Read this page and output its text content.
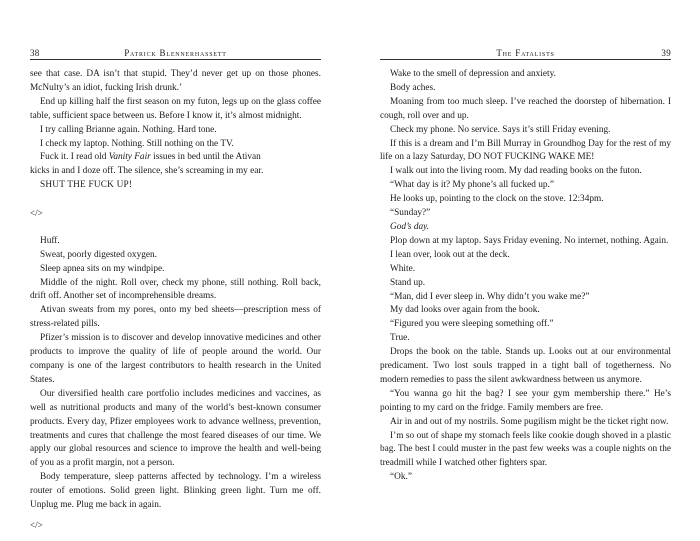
38	Patrick Blennerhassett

see that case. DA isn’t that stupid. They’d never get up on those phones. McNulty’s an idiot, fucking Irish drunk.’

End up killing half the first season on my futon, legs up on the glass coffee table, sufficient space between us. Before I know it, it’s almost midnight.

I try calling Brianne again. Nothing. Hard tone.

I check my laptop. Nothing. Still nothing on the TV.

Fuck it. I read old Vanity Fair issues in bed until the Ativan

kicks in and I doze off. The silence, she’s screaming in my ear.

SHUT THE FUCK UP!

</>

Huff.

Sweat, poorly digested oxygen.

Sleep apnea sits on my windpipe.

Middle of the night. Roll over, check my phone, still nothing. Roll back, drift off. Another set of incomprehensible dreams.

Ativan sweats from my pores, onto my bed sheets—prescription mess of stress-related pills.

Pfizer’s mission is to discover and develop innovative medicines and other products to improve the quality of life of people around the world. Our company is one of the largest contributors to health research in the United States.

Our diversified health care portfolio includes medicines and vaccines, as well as nutritional products and many of the world’s best-known consumer products. Every day, Pfizer employees work to advance wellness, prevention, treatments and cures that challenge the most feared diseases of our time. We apply our global resources and science to improve the health and well-being of you as a profit margin, not a person.

Body temperature, sleep patterns affected by technology. I’m a wireless router of emotions. Solid green light. Blinking green light. Turn me off. Unplug me. Plug me back in again.

</>

The Fatalists	39

Wake to the smell of depression and anxiety.

Body aches.

Moaning from too much sleep. I’ve reached the doorstep of hibernation. I cough, roll over and up.

Check my phone. No service. Says it’s still Friday evening.

If this is a dream and I’m Bill Murray in Groundhog Day for the rest of my life on a lazy Saturday, DO NOT FUCKING WAKE ME!

I walk out into the living room. My dad reading books on the futon.

“What day is it? My phone’s all fucked up.”

He looks up, pointing to the clock on the stove. 12:34pm.

“Sunday?”

God’s day.

Plop down at my laptop. Says Friday evening. No internet, nothing. Again.

I lean over, look out at the deck.

White.

Stand up.

“Man, did I ever sleep in. Why didn’t you wake me?”

My dad looks over again from the book.

“Figured you were sleeping something off.”

True.

Drops the book on the table. Stands up. Looks out at our environmental predicament. Two lost souls trapped in a tight ball of togetherness. No modern remedies to pass the silent awkwardness between us anymore.

“You wanna go hit the bag? I see your gym membership there.” He’s pointing to my card on the fridge. Family members are free.

Air in and out of my nostrils. Some pugilism might be the ticket right now.

I’m so out of shape my stomach feels like cookie dough shoved in a plastic bag. The best I could muster in the past few weeks was a couple nights on the treadmill while I watched other fighters spar.

“Ok.”
